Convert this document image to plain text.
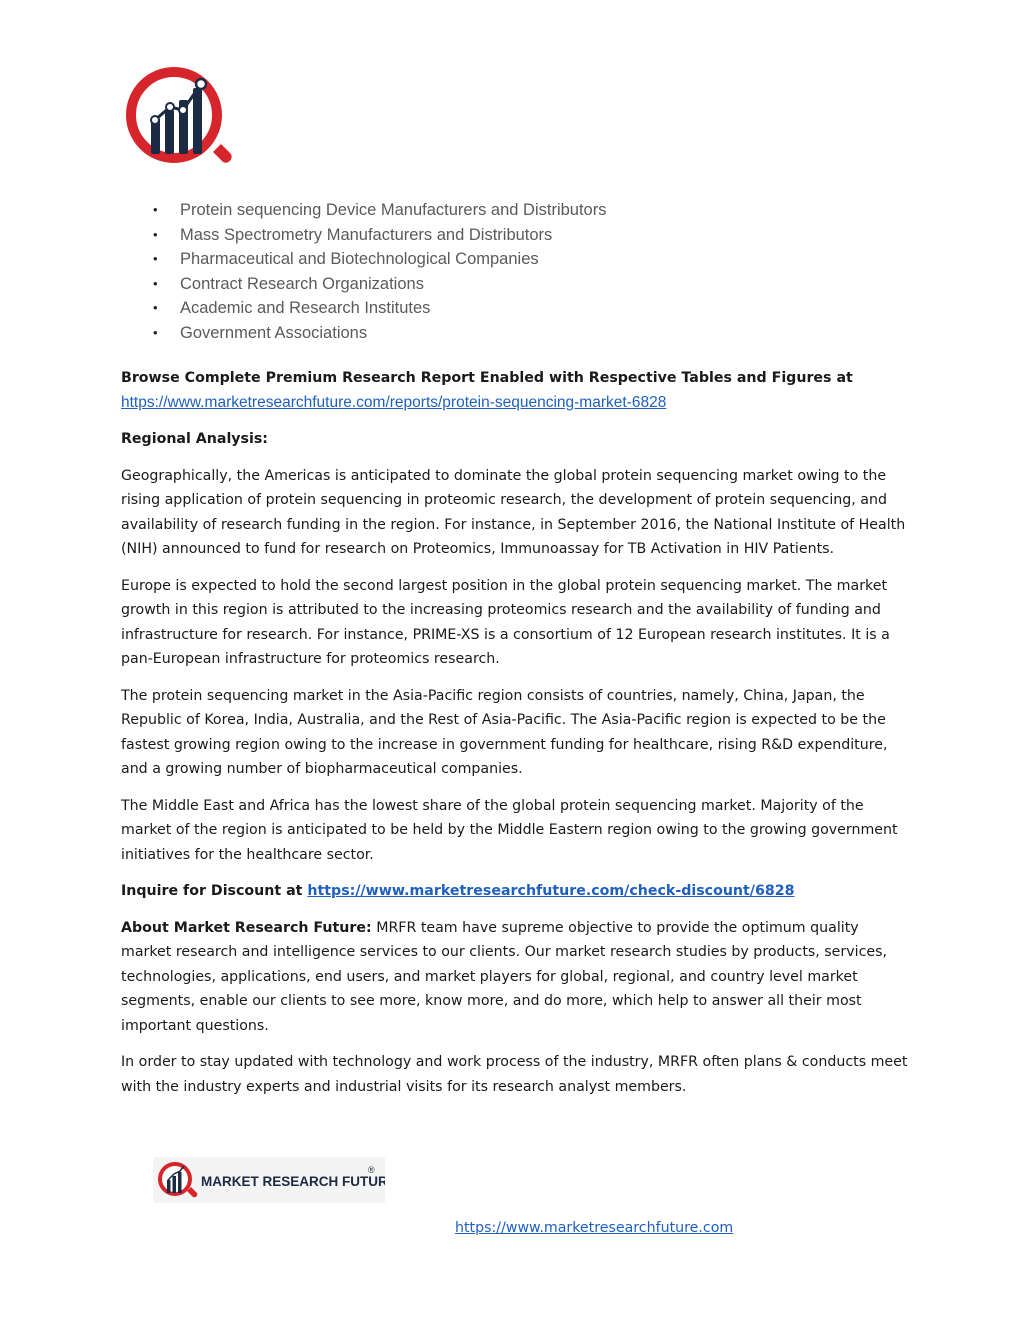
• Protein sequencing Device Manufacturers and Distributors
• Mass Spectrometry Manufacturers and Distributors
• Pharmaceutical and Biotechnological Companies
• Contract Research Organizations
• Academic and Research Institutes
• Government Associations

Browse Complete Premium Research Report Enabled with Respective Tables and Figures at
https://www.marketresearchfuture.com/reports/protein-sequencing-market-6828

Regional Analysis:

Geographically, the Americas is anticipated to dominate the global protein sequencing market owing to the rising application of protein sequencing in proteomic research, the development of protein sequencing, and availability of research funding in the region. For instance, in September 2016, the National Institute of Health (NIH) announced to fund for research on Proteomics, Immunoassay for TB Activation in HIV Patients.

Europe is expected to hold the second largest position in the global protein sequencing market. The market growth in this region is attributed to the increasing proteomics research and the availability of funding and infrastructure for research. For instance, PRIME-XS is a consortium of 12 European research institutes. It is a pan-European infrastructure for proteomics research.

The protein sequencing market in the Asia-Pacific region consists of countries, namely, China, Japan, the Republic of Korea, India, Australia, and the Rest of Asia-Pacific. The Asia-Pacific region is expected to be the fastest growing region owing to the increase in government funding for healthcare, rising R&D expenditure, and a growing number of biopharmaceutical companies.

The Middle East and Africa has the lowest share of the global protein sequencing market. Majority of the market of the region is anticipated to be held by the Middle Eastern region owing to the growing government initiatives for the healthcare sector.

Inquire for Discount at https://www.marketresearchfuture.com/check-discount/6828

About Market Research Future: MRFR team have supreme objective to provide the optimum quality market research and intelligence services to our clients. Our market research studies by products, services, technologies, applications, end users, and market players for global, regional, and country level market segments, enable our clients to see more, know more, and do more, which help to answer all their most important questions.

In order to stay updated with technology and work process of the industry, MRFR often plans & conducts meet with the industry experts and industrial visits for its research analyst members.

MARKET RESEARCH FUTURE
®
https://www.marketresearchfuture.com
